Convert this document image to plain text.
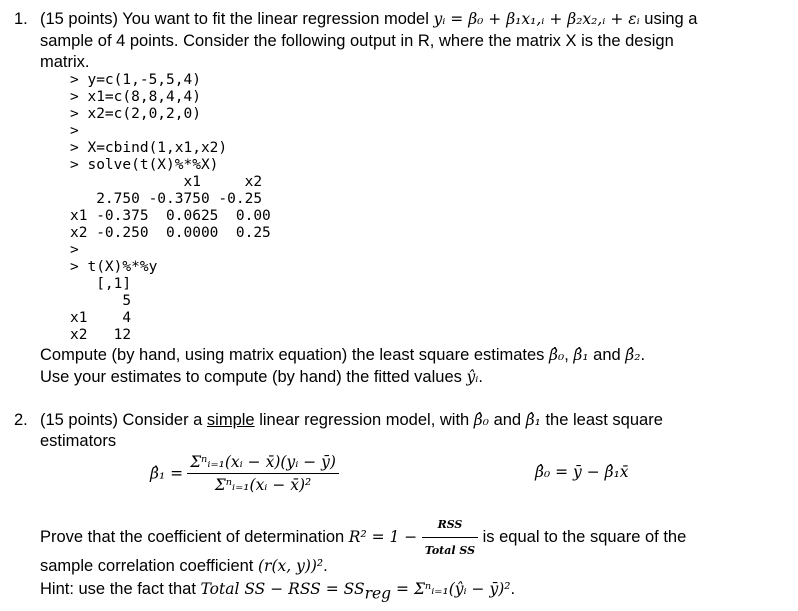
1. (15 points) You want to fit the linear regression model yᵢ = β₀ + β₁x₁,ᵢ + β₂x₂,ᵢ + εᵢ using a
sample of 4 points. Consider the following output in R, where the matrix X is the design
matrix.
> y=c(1,-5,5,4)
> x1=c(8,8,4,4)
> x2=c(2,0,2,0)
>
> X=cbind(1,x1,x2)
> solve(t(X)%*%X)
x1     x2
2.750 -0.3750 -0.25
x1 -0.375  0.0625  0.00
x2 -0.250  0.0000  0.25
>
> t(X)%*%y
[,1]
5
x1    4
x2   12
Compute (by hand, using matrix equation) the least square estimates β̂₀, β̂₁ and β̂₂.
Use your estimates to compute (by hand) the fitted values ŷᵢ.
2. (15 points) Consider a simple linear regression model, with β̂₀ and β̂₁ the least square
estimators
β̂₁ = $\frac{\text{Σⁿᵢ₌₁(xᵢ − x̄)(yᵢ − ȳ)}}{\text{Σⁿᵢ₌₁(xᵢ − x̄)²}}$	β̂₀ = ȳ − β̂₁x̄
Prove that the coefficient of determination $R^2 = 1 - \frac{\text{RSS}}{\text{Total SS}}$ is equal to the square of the
sample correlation coefficient (r(x, y))².
Hint: use the fact that Total SS − RSS = $SS_{reg}$ = Σⁿᵢ₌₁(ŷᵢ − ȳ)².
